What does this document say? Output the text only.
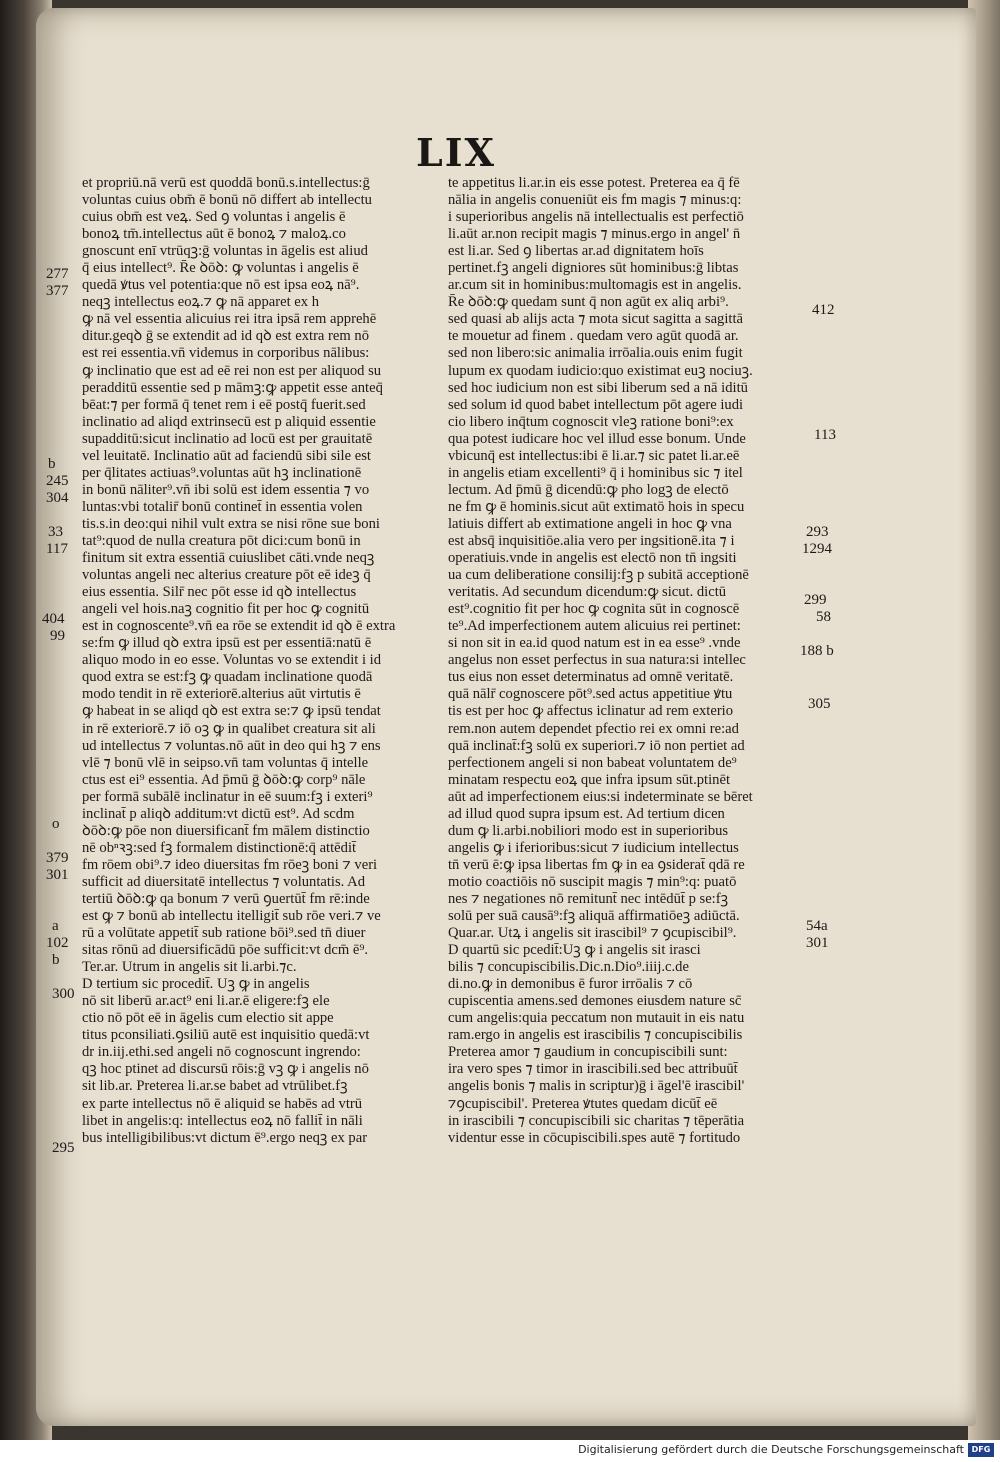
LIX
et propriū.nā verū est quoddā bonū.s.intellectus:ḡ
voluntas cuius obm̄ ē bonū nō differt ab intellectu
cuius obm̄ est veꝝ. Sed ꝯ voluntas i angelis ē
bonoꝝ tm̄.intellectus aūt ē bonoꝝ ⁊ maloꝝ.co
gnoscunt enī vtrūqꝫ:ḡ voluntas in āgelis est aliud
q̄ eius intellect⁹. R̄e ꝺōꝺ: ꝙ voluntas i angelis ē
quedā ꝟtus vel potentia:que nō est ipsa eoꝝ nā⁹.
neqꝫ intellectus eoꝝ.⁊ ꝙ nā apparet ex h̄
ꝙ nā vel essentia alicuius rei itra ipsā rem apprehē
ditur.geqꝺ ḡ se extendit ad id qꝺ est extra rem nō
est rei essentia.vn̄ videmus in corporibus nālibus:
ꝙ inclinatio que est ad eē rei non est per aliquod su
peradditū essentie sed p māmꝫ:ꝙ appetit esse anteq̄
bēat:⁊ per formā q̄ tenet rem i eē postq̄ fuerit.sed
inclinatio ad aliqd extrinsecū est p aliquid essentie
supadditū:sicut inclinatio ad locū est per grauitatē
vel leuitatē. Inclinatio aūt ad faciendū sibi sile est
per q̄litates actiuas⁹.voluntas aūt hꝫ inclinationē
in bonū nāliter⁹.vn̄ ibi solū est idem essentia ⁊ vo
luntas:vbi totalir̄ bonū continet̄ in essentia volen
tis.s.in deo:qui nihil vult extra se nisi rōne sue boni
tat⁹:quod de nulla creatura pōt dici:cum bonū in
finitum sit extra essentiā cuiuslibet cāti.vnde neqꝫ
voluntas angeli nec alterius creature pōt eē ideꝫ q̄
eius essentia. Silr̄ nec pōt esse id qꝺ intellectus
angeli vel hois.naꝫ cognitio fit per hoc ꝙ cognitū
est in cognoscente⁹.vn̄ ea rōe se extendit id qꝺ ē extra
se:fm ꝙ illud qꝺ extra ipsū est per essentiā:natū ē
aliquo modo in eo esse. Voluntas vo se extendit i id
quod extra se est:fꝫ ꝙ quadam inclinatione quodā
modo tendit in rē exteriorē.alterius aūt virtutis ē
ꝙ habeat in se aliqd qꝺ est extra se:⁊ ꝙ ipsū tendat
in rē exteriorē.⁊ iō oꝫ ꝙ in qualibet creatura sit ali
ud intellectus ⁊ voluntas.nō aūt in deo qui hꝫ ⁊ ens
vlē ⁊ bonū vlē in seipso.vn̄ tam voluntas q̄ intelle
ctus est ei⁹ essentia. Ad p̄mū ḡ ꝺōꝺ:ꝙ corp⁹ nāle
per formā subālē inclinatur in eē suum:fꝫ i exteri⁹
inclinat̄ p aliqꝺ additum:vt dictū est⁹. Ad scdm
ꝺōꝺ:ꝙ pōe non diuersificant̄ fm mālem distinctio
nē obⁿꝛꝫ:sed fꝫ formalem distinctionē:q̄ attēdit̄
fm rōem obi⁹.⁊ ideo diuersitas fm rōeꝫ boni ⁊ veri
sufficit ad diuersitatē intellectus ⁊ voluntatis. Ad
tertiū ꝺōꝺ:ꝙ qa bonum ⁊ verū ꝯuertūt̄ fm rē:inde
est ꝙ ⁊ bonū ab intellectu itelligit̄ sub rōe veri.⁊ ve
rū a volūtate appetit̄ sub ratione bōi⁹.sed tn̄ diuer
sitas rōnū ad diuersificādū pōe sufficit:vt dcm̄ ē⁹.
Ter.ar. Utrum in angelis sit li.arbi.⁊c.
D tertium sic procedit̄. Uꝫ ꝙ in angelis
nō sit liberū ar.act⁹ eni li.ar.ē eligere:fꝫ ele
ctio nō pōt eē in āgelis cum electio sit appe
titus pconsiliati.ꝯsiliū autē est inquisitio quedā:vt
dr in.iij.ethi.sed angeli nō cognoscunt ingrendo:
qꝫ hoc ptinet ad discursū rōis:ḡ vꝫ ꝙ i angelis nō
sit lib.ar. Preterea li.ar.se babet ad vtrūlibet.fꝫ
ex parte intellectus nō ē aliquid se habēs ad vtrū
libet in angelis:q: intellectus eoꝝ nō fallit̄ in nāli
bus intelligibilibus:vt dictum ē⁹.ergo neqꝫ ex par
te appetitus li.ar.in eis esse potest. Preterea ea q̄ fē
nālia in angelis conueniūt eis fm magis ⁊ minus:q:
i superioribus angelis nā intellectualis est perfectiō
li.aūt ar.non recipit magis ⁊ minus.ergo in angel' n̄
est li.ar. Sed ꝯ libertas ar.ad dignitatem hoīs
pertinet.fꝫ angeli digniores sūt hominibus:ḡ lib̄tas
ar.cum sit in hominibus:multomagis est in angelis.
R̄e ꝺōꝺ:ꝙ quedam sunt q̄ non agūt ex aliq arbi⁹.
sed quasi ab alijs acta ⁊ mota sicut sagitta a sagittā
te mouetur ad finem . quedam vero agūt quodā ar.
sed non libero:sic animalia irrōalia.ouis enim fugit
lupum ex quodam iudicio:quo existimat euꝫ nociuꝫ.
sed hoc iudicium non est sibi liberum sed a nā iditū
sed solum id quod babet intellectum pōt agere iudi
cio libero inq̄tum cognoscit vleꝫ ratione boni⁹:ex
qua potest iudicare hoc vel illud esse bonum. Unde
vbicunq̄ est intellectus:ibi ē li.ar.⁊ sic patet li.ar.eē
in angelis etiam excellenti⁹ q̄ i hominibus sic ⁊ itel
lectum. Ad p̄mū ḡ dicendū:ꝙ pho logꝫ de electō
ne fm ꝙ ē hominis.sicut aūt extimatō hois in specu
latiuis differt ab extimatione angeli in hoc ꝙ vna
est absq̄ inquisitiōe.alia vero per ingsitionē.ita ⁊ i
operatiuis.vnde in angelis est electō non tn̄ ingsiti
ua cum deliberatione consilij:fꝫ p subitā acceptionē
veritatis. Ad secundum dicendum:ꝙ sicut. dictū
est⁹.cognitio fit per hoc ꝙ cognita sūt in cognoscē
te⁹.Ad imperfectionem autem alicuius rei pertinet:
si non sit in ea.id quod natum est in ea esse⁹ .vnde
angelus non esset perfectus in sua natura:si intellec
tus eius non esset determinatus ad omnē veritatē.
quā nālr̄ cognoscere pōt⁹.sed actus appetitiue ꝟtu
tis est per hoc ꝙ affectus iclinatur ad rem exterio
rem.non autem dependet pfectio rei ex omni re:ad
quā inclinat̄:fꝫ solū ex superiori.⁊ iō non pertiet ad
perfectionem angeli si non babeat voluntatem de⁹
minatam respectu eoꝝ que infra ipsum sūt.ptinēt
aūt ad imperfectionem eius:si indeterminate se bēret
ad illud quod supra ipsum est. Ad tertium dicen
dum ꝙ li.arbi.nobiliori modo est in superioribus
angelis ꝙ i iferioribus:sicut ⁊ iudicium intellectus
tn̄ verū ē:ꝙ ipsa libertas fm ꝙ in ea ꝯsiderat̄ qdā re
motio coactiōis nō suscipit magis ⁊ min⁹:q: puatō
nes ⁊ negationes nō remitunt̄ nec intēdūt̄ p se:fꝫ
solū per suā causā⁹:fꝫ aliquā affirmatiōeꝫ adiūctā.
Quar.ar. Utꝝ i angelis sit irascibil⁹ ⁊ ꝯcupiscibil⁹.
D quartū sic pcedit̄:Uꝫ ꝙ i angelis sit irasci
bilis ⁊ concupiscibilis.Dic.n.Dio⁹.iiij.c.de
di.no.ꝙ in demonibus ē furor irrōalis ⁊ cō
cupiscentia amens.sed demones eiusdem nature sc̄
cum angelis:quia peccatum non mutauit in eis natu
ram.ergo in angelis est irascibilis ⁊ concupiscibilis
Preterea amor ⁊ gaudium in concupiscibili sunt:
ira vero spes ⁊ timor in irascibili.sed bec attribuūt̄
angelis bonis ⁊ malis in scriptur)ḡ i āgel'ē irascibil'
⁊ꝯcupiscibil'. Preterea ꝟtutes quedam dicūt̄ eē
in irascibili ⁊ concupiscibili sic charitas ⁊ tēperātia
videntur esse in cōcupiscibili.spes autē ⁊ fortitudo
277
377
b
245
304
33
117
404
99
o
379
301
a
102
b
300
295
412
113
293
1294
299
58
188 b
305
54a
301
Digitalisierung gefördert durch die Deutsche Forschungsgemeinschaft DFG
